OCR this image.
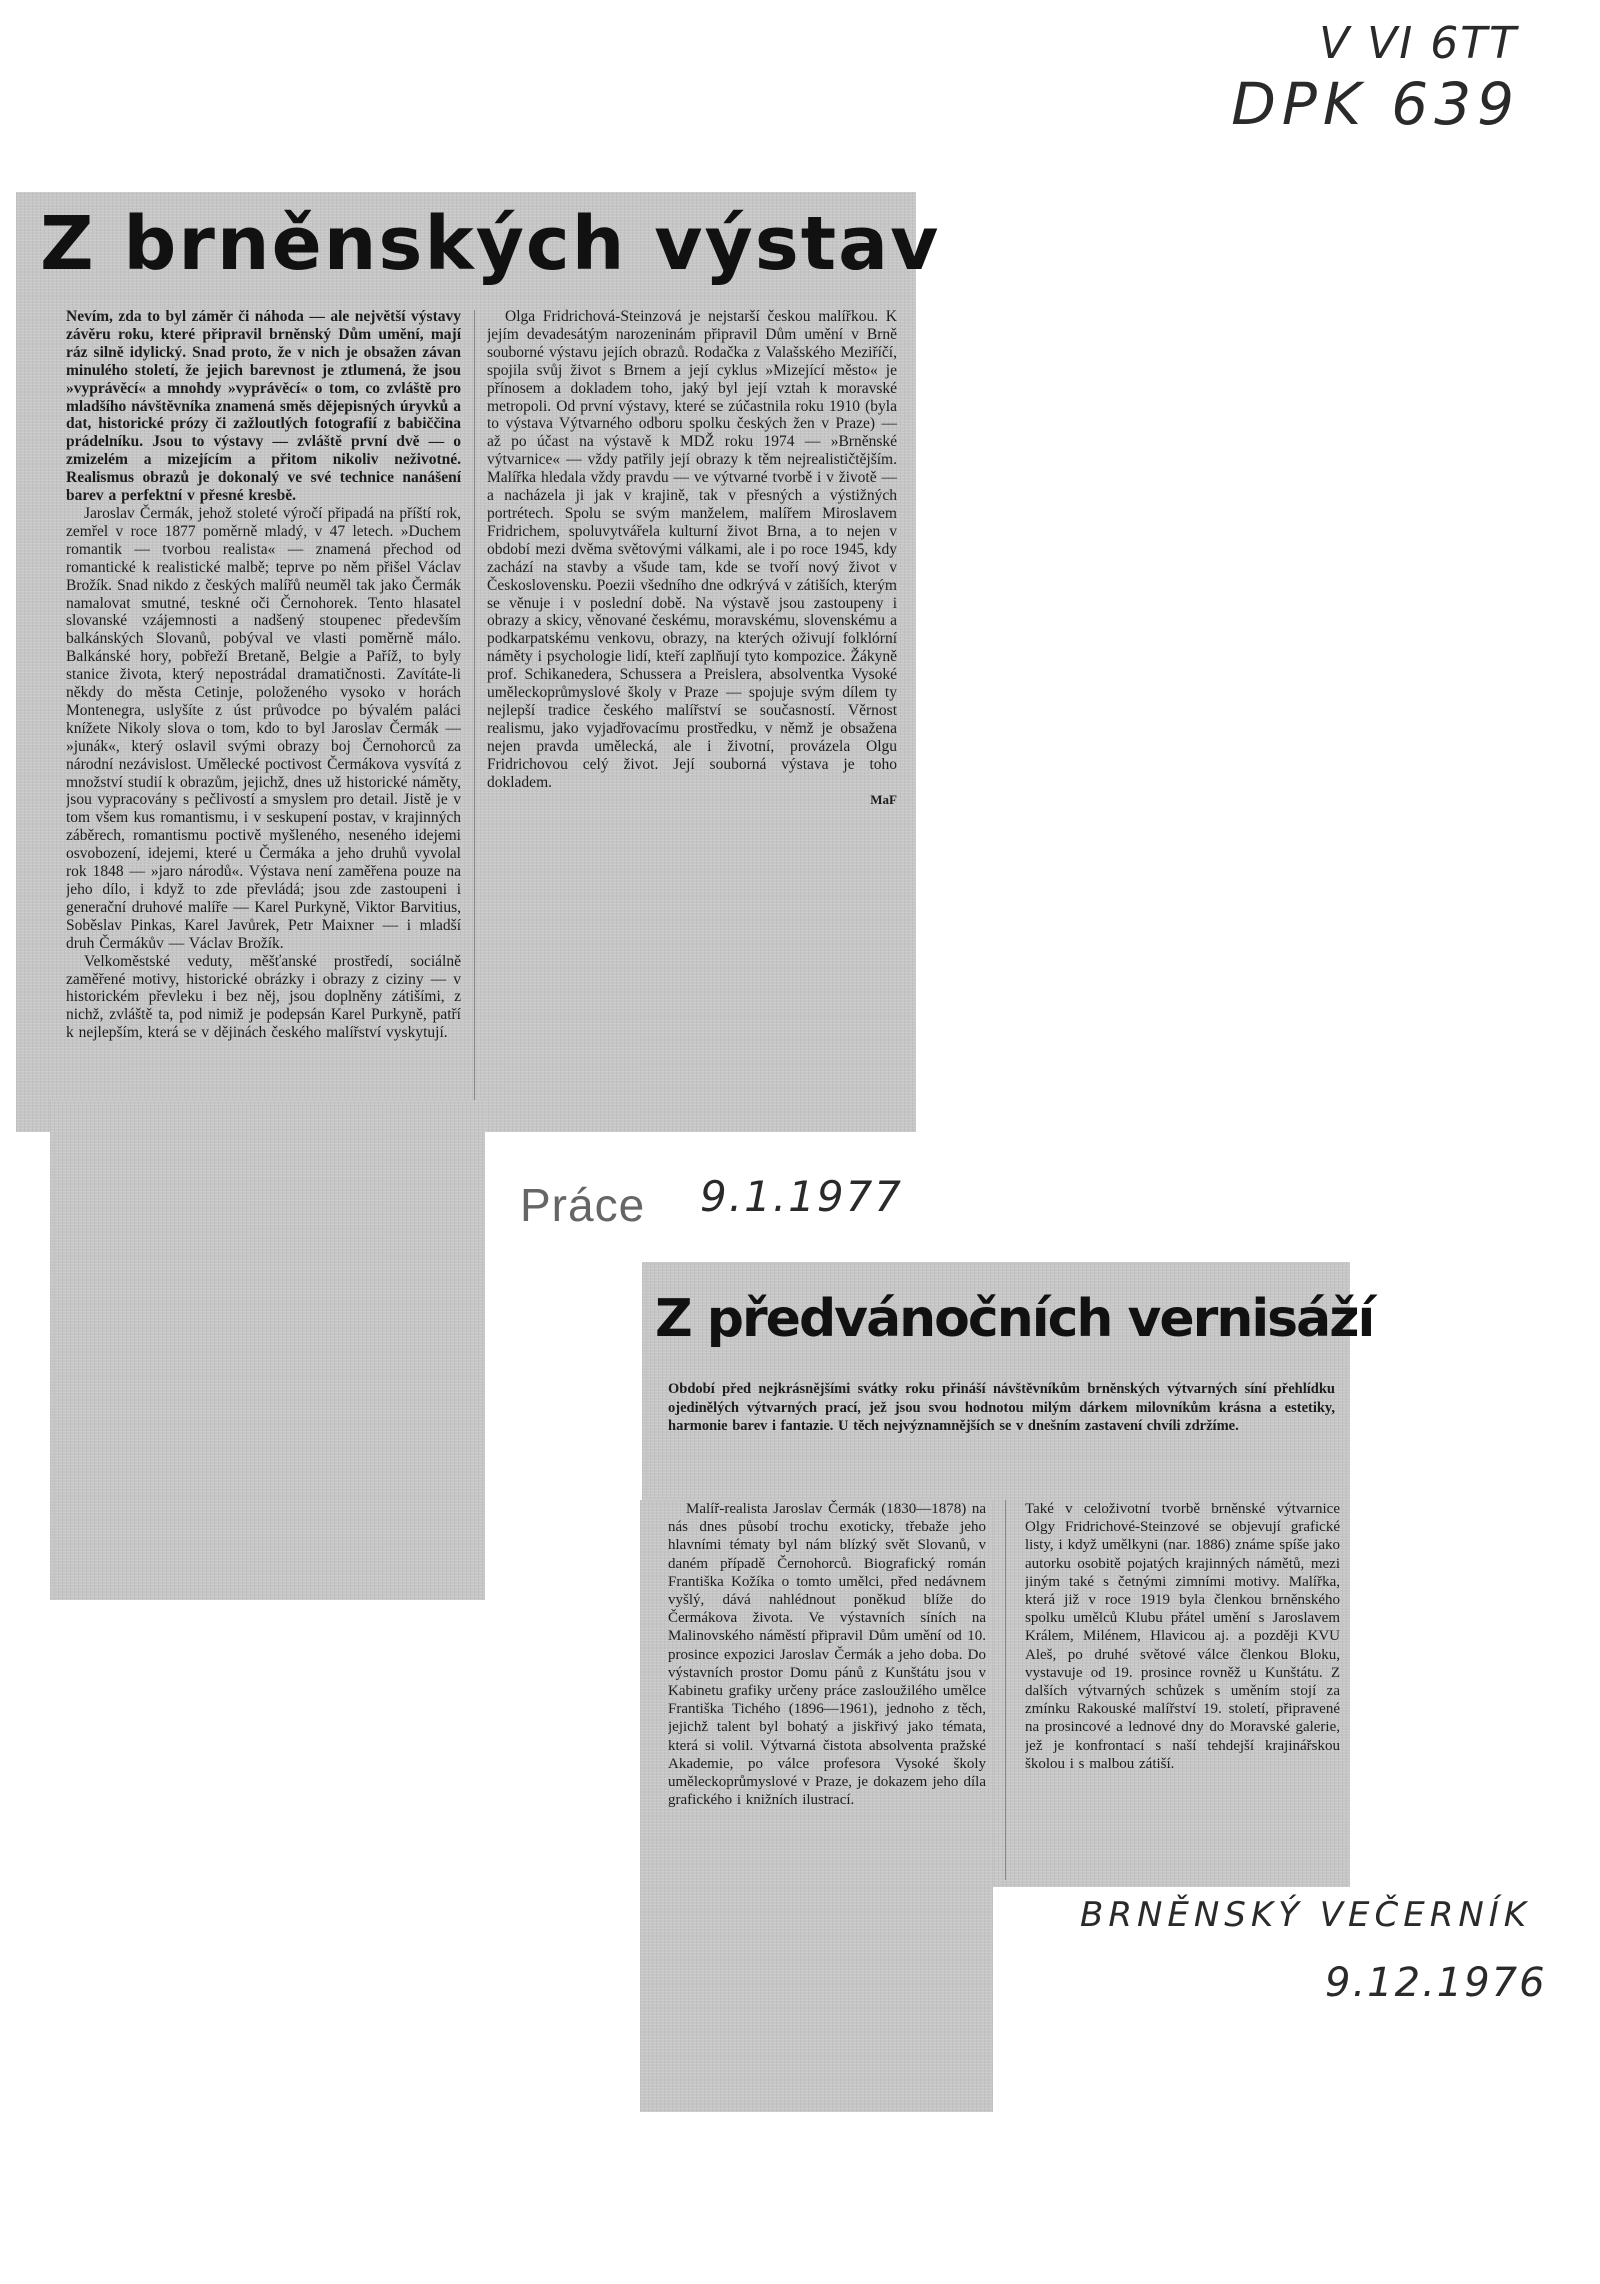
V VI 6TT
DPK 639
Z brněnských výstav

Nevím, zda to byl záměr či náhoda — ale největší výstavy závěru roku, které připravil brněnský Dům umění, mají ráz silně idylický. Snad proto, že v nich je obsažen závan minulého století, že jejich barevnost je ztlumená, že jsou »vyprávěcí« a mnohdy »vyprávěcí« o tom, co zvláště pro mladšího návštěvníka znamená směs dějepisných úryvků a dat, historické prózy či zažloutlých fotografií z babiččina prádelníku. Jsou to výstavy — zvláště první dvě — o zmizelém a mizejícím a přitom nikoliv neživotné. Realismus obrazů je dokonalý ve své technice nanášení barev a perfektní v přesné kresbě.

Jaroslav Čermák, jehož stoleté výročí připadá na příští rok, zemřel v roce 1877 poměrně mladý, v 47 letech. »Duchem romantik — tvorbou realista« — znamená přechod od romantické k realistické malbě; teprve po něm přišel Václav Brožík. Snad nikdo z českých malířů neuměl tak jako Čermák namalovat smutné, teskné oči Černohorek. Tento hlasatel slovanské vzájemnosti a nadšený stoupenec především balkánských Slovanů, pobýval ve vlasti poměrně málo. Balkánské hory, pobřeží Bretaně, Belgie a Paříž, to byly stanice života, který nepostrádal dramatičnosti. Zavítáte-li někdy do města Cetinje, položeného vysoko v horách Montenegra, uslyšíte z úst průvodce po bývalém paláci knížete Nikoly slova o tom, kdo to byl Jaroslav Čermák — »junák«, který oslavil svými obrazy boj Černohorců za národní nezávislost. Umělecké poctivost Čermákova vysvítá z množství studií k obrazům, jejichž, dnes už historické náměty, jsou vypracovány s pečlivostí a smyslem pro detail. Jistě je v tom všem kus romantismu, i v seskupení postav, v krajinných záběrech, romantismu poctivě myšleného, neseného idejemi osvobození, idejemi, které u Čermáka a jeho druhů vyvolal rok 1848 — »jaro národů«. Výstava není zaměřena pouze na jeho dílo, i když to zde převládá; jsou zde zastoupeni i generační druhové malíře — Karel Purkyně, Viktor Barvitius, Soběslav Pinkas, Karel Javůrek, Petr Maixner — i mladší druh Čermákův — Václav Brožík.

Velkoměstské veduty, měšťanské prostředí, sociálně zaměřené motivy, historické obrázky i obrazy z ciziny — v historickém převleku i bez něj, jsou doplněny zátišími, z nichž, zvláště ta, pod nimiž je podepsán Karel Purkyně, patří k nejlepším, která se v dějinách českého malířství vyskytují.

Olga Fridrichová-Steinzová je nejstarší českou malířkou. K jejím devadesátým narozeninám připravil Dům umění v Brně souborné výstavu jejích obrazů. Rodačka z Valašského Meziříčí, spojila svůj život s Brnem a její cyklus »Mizející město« je přínosem a dokladem toho, jaký byl její vztah k moravské metropoli. Od první výstavy, které se zúčastnila roku 1910 (byla to výstava Výtvarného odboru spolku českých žen v Praze) — až po účast na výstavě k MDŽ roku 1974 — »Brněnské výtvarnice« — vždy patřily její obrazy k těm nejrealističtějším. Malířka hledala vždy pravdu — ve výtvarné tvorbě i v životě — a nacházela ji jak v krajině, tak v přesných a výstižných portrétech. Spolu se svým manželem, malířem Miroslavem Fridrichem, spoluvytvářela kulturní život Brna, a to nejen v období mezi dvěma světovými válkami, ale i po roce 1945, kdy zachází na stavby a všude tam, kde se tvoří nový život v Československu. Poezii všedního dne odkrývá v zátiších, kterým se věnuje i v poslední době. Na výstavě jsou zastoupeny i obrazy a skicy, věnované českému, moravskému, slovenskému a podkarpatskému venkovu, obrazy, na kterých oživují folklórní náměty i psychologie lidí, kteří zaplňují tyto kompozice. Žákyně prof. Schikanedera, Schussera a Preislera, absolventka Vysoké uměleckoprůmyslové školy v Praze — spojuje svým dílem ty nejlepší tradice českého malířství se současností. Věrnost realismu, jako vyjadřovacímu prostředku, v němž je obsažena nejen pravda umělecká, ale i životní, provázela Olgu Fridrichovou celý život. Její souborná výstava je toho dokladem.

MaF
Práce 9.1.1977
Z předvánočních vernisáží
Období před nejkrásnějšími svátky roku přináší návštěvníkům brněnských výtvarných síní přehlídku ojedinělých výtvarných prací, jež jsou svou hodnotou milým dárkem milovníkům krásna a estetiky, harmonie barev i fantazie. U těch nejvýznamnějších se v dnešním zastavení chvíli zdržíme.

Malíř-realista Jaroslav Čermák (1830—1878) na nás dnes působí trochu exoticky, třebaže jeho hlavními tématy byl nám blízký svět Slovanů, v daném případě Černohorců. Biografický román Františka Kožíka o tomto umělci, před nedávnem vyšlý, dává nahlédnout poněkud blíže do Čermákova života. Ve výstavních síních na Malinovského náměstí připravil Dům umění od 10. prosince expozici Jaroslav Čermák a jeho doba. Do výstavních prostor Domu pánů z Kunštátu jsou v Kabinetu grafiky určeny práce zasloužilého umělce Františka Tichého (1896—1961), jednoho z těch, jejichž talent byl bohatý a jiskřivý jako témata, která si volil. Výtvarná čistota absolventa pražské Akademie, po válce profesora Vysoké školy uměleckoprůmyslové v Praze, je dokazem jeho díla grafického i knižních ilustrací.

Také v celoživotní tvorbě brněnské výtvarnice Olgy Fridrichové-Steinzové se objevují grafické listy, i když umělkyni (nar. 1886) známe spíše jako autorku osobitě pojatých krajinných námětů, mezi jiným také s četnými zimními motivy. Malířka, která již v roce 1919 byla členkou brněnského spolku umělců Klubu přátel umění s Jaroslavem Králem, Milénem, Hlavicou aj. a později KVU Aleš, po druhé světové válce členkou Bloku, vystavuje od 19. prosince rovněž u Kunštátu. Z dalších výtvarných schůzek s uměním stojí za zmínku Rakouské malířství 19. století, připravené na prosincové a lednové dny do Moravské galerie, jež je konfrontací s naší tehdejší krajinářskou školou i s malbou zátiší.

BRNĚNSKÝ VEČERNÍK
9.12.1976
